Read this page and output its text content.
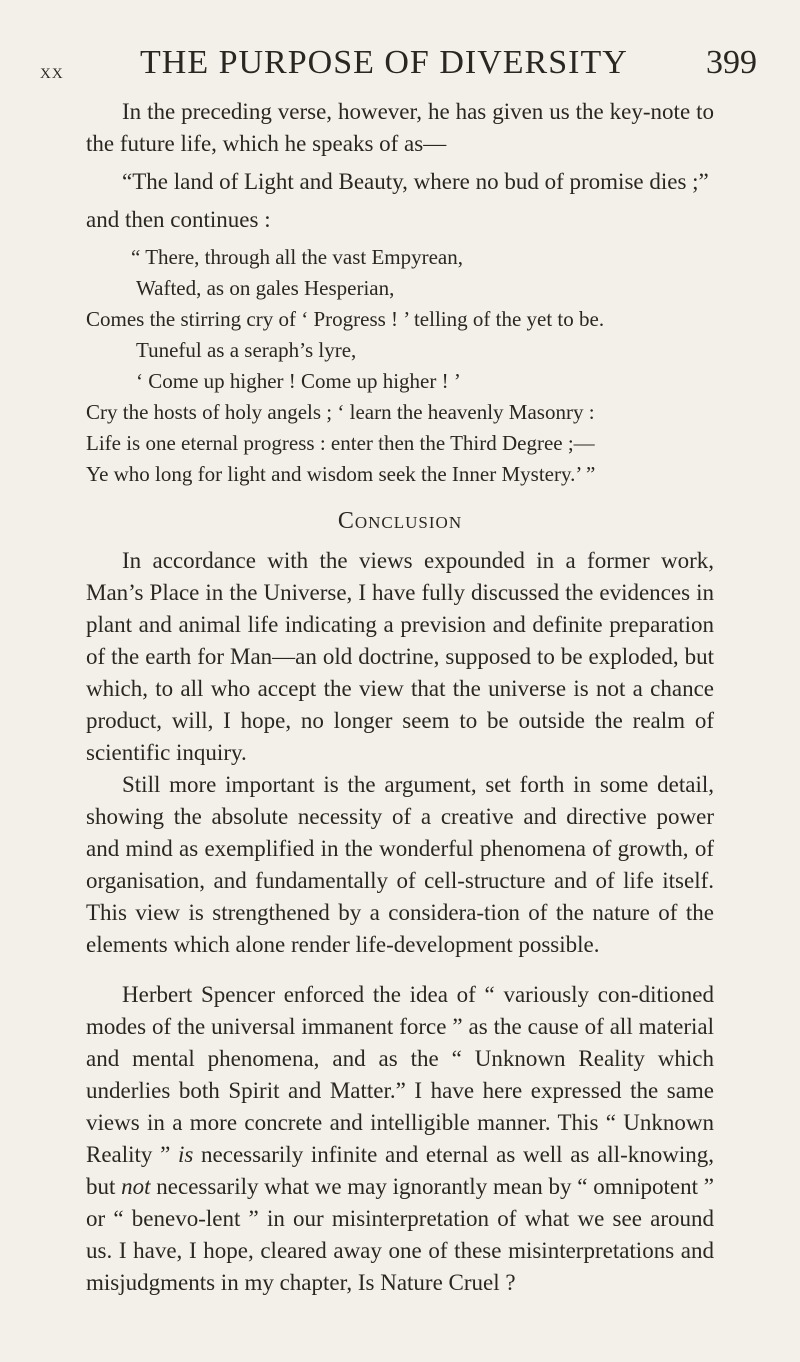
XX THE PURPOSE OF DIVERSITY 399

In the preceding verse, however, he has given us the key-note to the future life, which he speaks of as—

“The land of Light and Beauty, where no bud of promise dies ;”

and then continues :

“ There, through all the vast Empyrean,
Wafted, as on gales Hesperian,
Comes the stirring cry of ‘ Progress ! ’ telling of the yet to be.
Tuneful as a seraph’s lyre,
‘ Come up higher ! Come up higher ! ’
Cry the hosts of holy angels ; ‘ learn the heavenly Masonry :
Life is one eternal progress : enter then the Third Degree ;—
Ye who long for light and wisdom seek the Inner Mystery.’ ”
Conclusion

In accordance with the views expounded in a former work, Man’s Place in the Universe, I have fully discussed the evidences in plant and animal life indicating a prevision and definite preparation of the earth for Man—an old doctrine, supposed to be exploded, but which, to all who accept the view that the universe is not a chance product, will, I hope, no longer seem to be outside the realm of scientific inquiry.

Still more important is the argument, set forth in some detail, showing the absolute necessity of a creative and directive power and mind as exemplified in the wonderful phenomena of growth, of organisation, and fundamentally of cell-structure and of life itself. This view is strengthened by a considera-tion of the nature of the elements which alone render life-development possible.

Herbert Spencer enforced the idea of “ variously con-ditioned modes of the universal immanent force ” as the cause of all material and mental phenomena, and as the “ Unknown Reality which underlies both Spirit and Matter.” I have here expressed the same views in a more concrete and intelligible manner. This “ Unknown Reality ” is necessarily infinite and eternal as well as all-knowing, but not necessarily what we may ignorantly mean by “ omnipotent ” or “ benevo-lent ” in our misinterpretation of what we see around us. I have, I hope, cleared away one of these misinterpretations and misjudgments in my chapter, Is Nature Cruel ?
